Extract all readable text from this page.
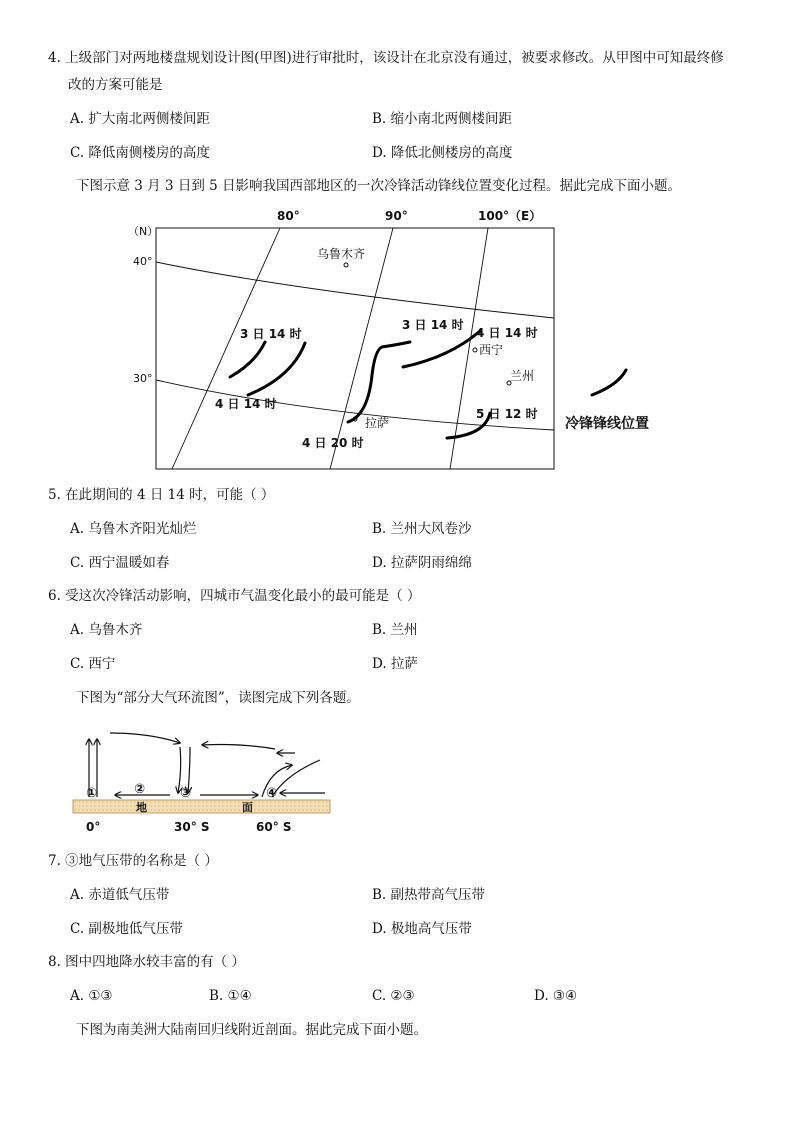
4. 上级部门对两地楼盘规划设计图(甲图)进行审批时，该设计在北京没有通过，被要求修改。从甲图中可知最终修
改的方案可能是
A. 扩大南北两侧楼间距	B. 缩小南北两侧楼间距
C. 降低南侧楼房的高度	D. 降低北侧楼房的高度
下图示意 3 月 3 日到 5 日影响我国西部地区的一次冷锋活动锋线位置变化过程。据此完成下面小题。
80°	90°	100°（E）
（N）
40°
30°
乌鲁木齐
西宁
兰州
拉萨
3 日 14 时
4 日 14 时
3 日 14 时
4 日 14 时
4 日 20 时
5 日 12 时
冷锋锋线位置
5. 在此期间的 4 日 14 时，可能（ ）
A. 乌鲁木齐阳光灿烂	B. 兰州大风卷沙
C. 西宁温暖如春	D. 拉萨阴雨绵绵
6. 受这次冷锋活动影响，四城市气温变化最小的最可能是（ ）
A. 乌鲁木齐	B. 兰州
C. 西宁	D. 拉萨
下图为“部分大气环流图”，读图完成下列各题。
地	面
①	②	③	④
0°	30° S	60° S
7. ③地气压带的名称是（ ）
A. 赤道低气压带	B. 副热带高气压带
C. 副极地低气压带	D. 极地高气压带
8. 图中四地降水较丰富的有（ ）
A. ①③	B. ①④	C. ②③	D. ③④
下图为南美洲大陆南回归线附近剖面。据此完成下面小题。
